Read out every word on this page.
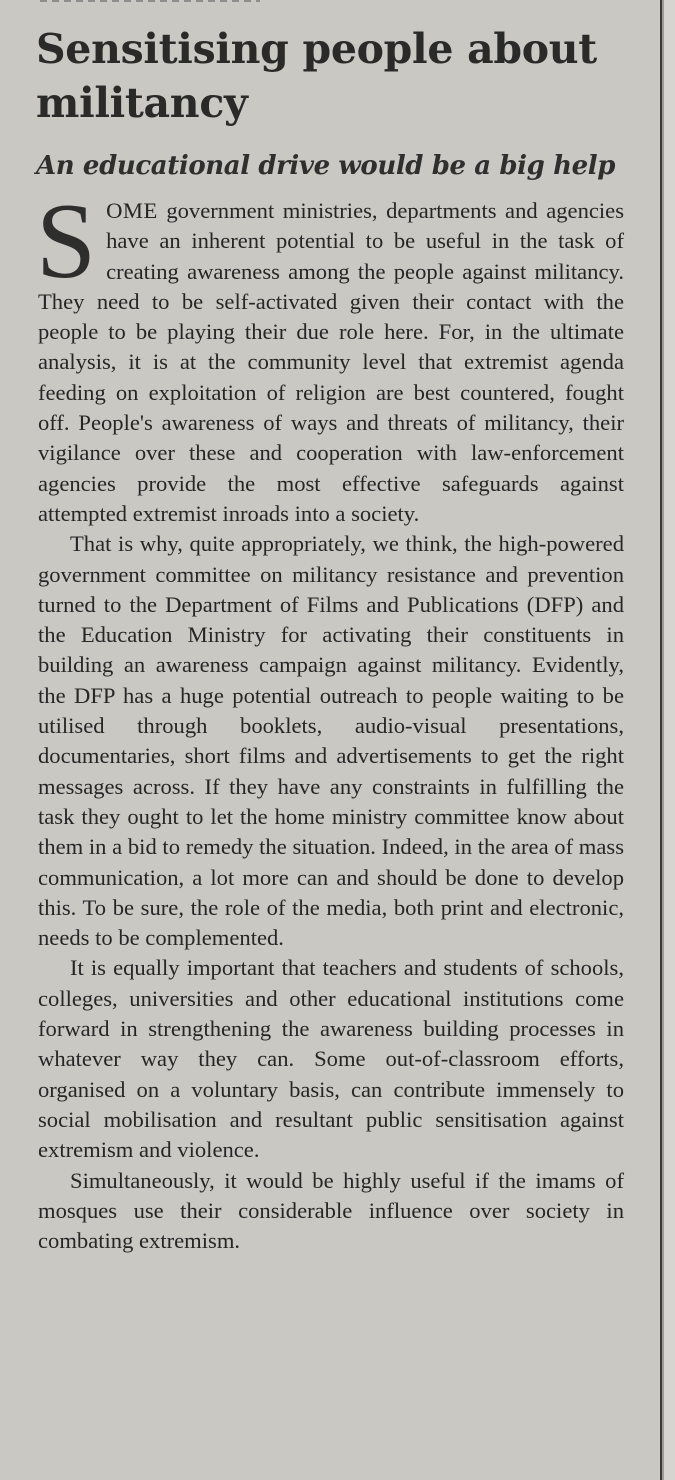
Sensitising people about militancy
An educational drive would be a big help

SOME government ministries, departments and agencies have an inherent potential to be useful in the task of creating awareness among the people against militancy. They need to be self-activated given their contact with the people to be playing their due role here. For, in the ultimate analysis, it is at the community level that extremist agenda feeding on exploitation of religion are best countered, fought off. People's awareness of ways and threats of militancy, their vigilance over these and cooperation with law-enforcement agencies provide the most effective safeguards against attempted extremist inroads into a society.

That is why, quite appropriately, we think, the high-powered government committee on militancy resistance and prevention turned to the Department of Films and Publications (DFP) and the Education Ministry for activating their constituents in building an awareness campaign against militancy. Evidently, the DFP has a huge potential outreach to people waiting to be utilised through booklets, audio-visual presentations, documentaries, short films and advertisements to get the right messages across. If they have any constraints in fulfilling the task they ought to let the home ministry committee know about them in a bid to remedy the situation. Indeed, in the area of mass communication, a lot more can and should be done to develop this. To be sure, the role of the media, both print and electronic, needs to be complemented.

It is equally important that teachers and students of schools, colleges, universities and other educational institutions come forward in strengthening the awareness building processes in whatever way they can. Some out-of-classroom efforts, organised on a voluntary basis, can contribute immensely to social mobilisation and resultant public sensitisation against extremism and violence.

Simultaneously, it would be highly useful if the imams of mosques use their considerable influence over society in combating extremism.
